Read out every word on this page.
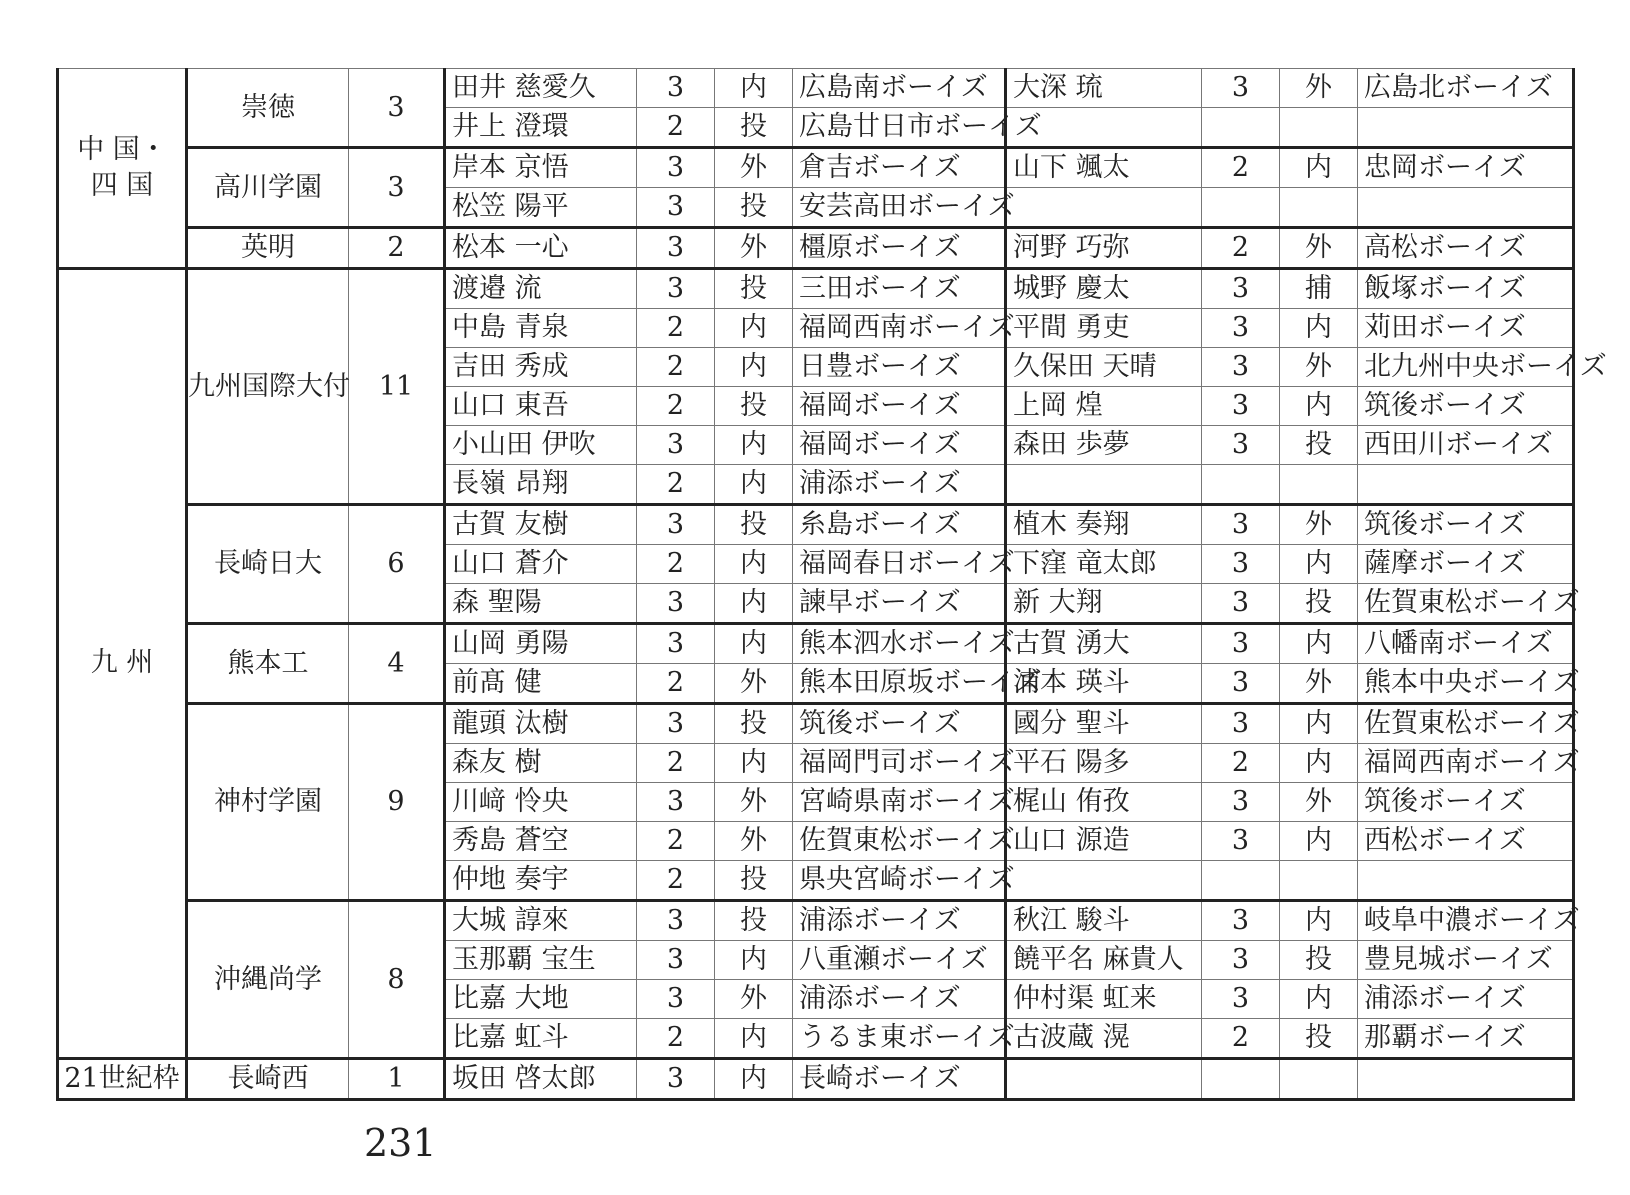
中 国・
四 国	崇徳	3	田井 慈愛久	3	内	広島南ボーイズ	大深 琉	3	外	広島北ボーイズ
			井上 澄環	2	投	広島廿日市ボーイズ				
	高川学園	3	岸本 京悟	3	外	倉吉ボーイズ	山下 颯太	2	内	忠岡ボーイズ
			松笠 陽平	3	投	安芸高田ボーイズ				
	英明	2	松本 一心	3	外	橿原ボーイズ	河野 巧弥	2	外	高松ボーイズ
九 州	九州国際大付	11	渡邉 流	3	投	三田ボーイズ	城野 慶太	3	捕	飯塚ボーイズ
			中島 青泉	2	内	福岡西南ボーイズ	平間 勇吏	3	内	苅田ボーイズ
			吉田 秀成	2	内	日豊ボーイズ	久保田 天晴	3	外	北九州中央ボーイズ
			山口 東吾	2	投	福岡ボーイズ	上岡 煌	3	内	筑後ボーイズ
			小山田 伊吹	3	内	福岡ボーイズ	森田 歩夢	3	投	西田川ボーイズ
			長嶺 昂翔	2	内	浦添ボーイズ				
	長崎日大	6	古賀 友樹	3	投	糸島ボーイズ	植木 奏翔	3	外	筑後ボーイズ
			山口 蒼介	2	内	福岡春日ボーイズ	下窪 竜太郎	3	内	薩摩ボーイズ
			森 聖陽	3	内	諫早ボーイズ	新 大翔	3	投	佐賀東松ボーイズ
	熊本工	4	山岡 勇陽	3	内	熊本泗水ボーイズ	古賀 湧大	3	内	八幡南ボーイズ
			前髙 健	2	外	熊本田原坂ボーイズ	浦本 瑛斗	3	外	熊本中央ボーイズ
	神村学園	9	龍頭 汰樹	3	投	筑後ボーイズ	國分 聖斗	3	内	佐賀東松ボーイズ
			森友 樹	2	内	福岡門司ボーイズ	平石 陽多	2	内	福岡西南ボーイズ
			川﨑 怜央	3	外	宮崎県南ボーイズ	梶山 侑孜	3	外	筑後ボーイズ
			秀島 蒼空	2	外	佐賀東松ボーイズ	山口 源造	3	内	西松ボーイズ
			仲地 奏宇	2	投	県央宮崎ボーイズ				
	沖縄尚学	8	大城 諄來	3	投	浦添ボーイズ	秋江 駿斗	3	内	岐阜中濃ボーイズ
			玉那覇 宝生	3	内	八重瀬ボーイズ	饒平名 麻貴人	3	投	豊見城ボーイズ
			比嘉 大地	3	外	浦添ボーイズ	仲村渠 虹来	3	内	浦添ボーイズ
			比嘉 虹斗	2	内	うるま東ボーイズ	古波蔵 滉	2	投	那覇ボーイズ
21世紀枠	長崎西	1	坂田 啓太郎	3	内	長崎ボーイズ				
231
